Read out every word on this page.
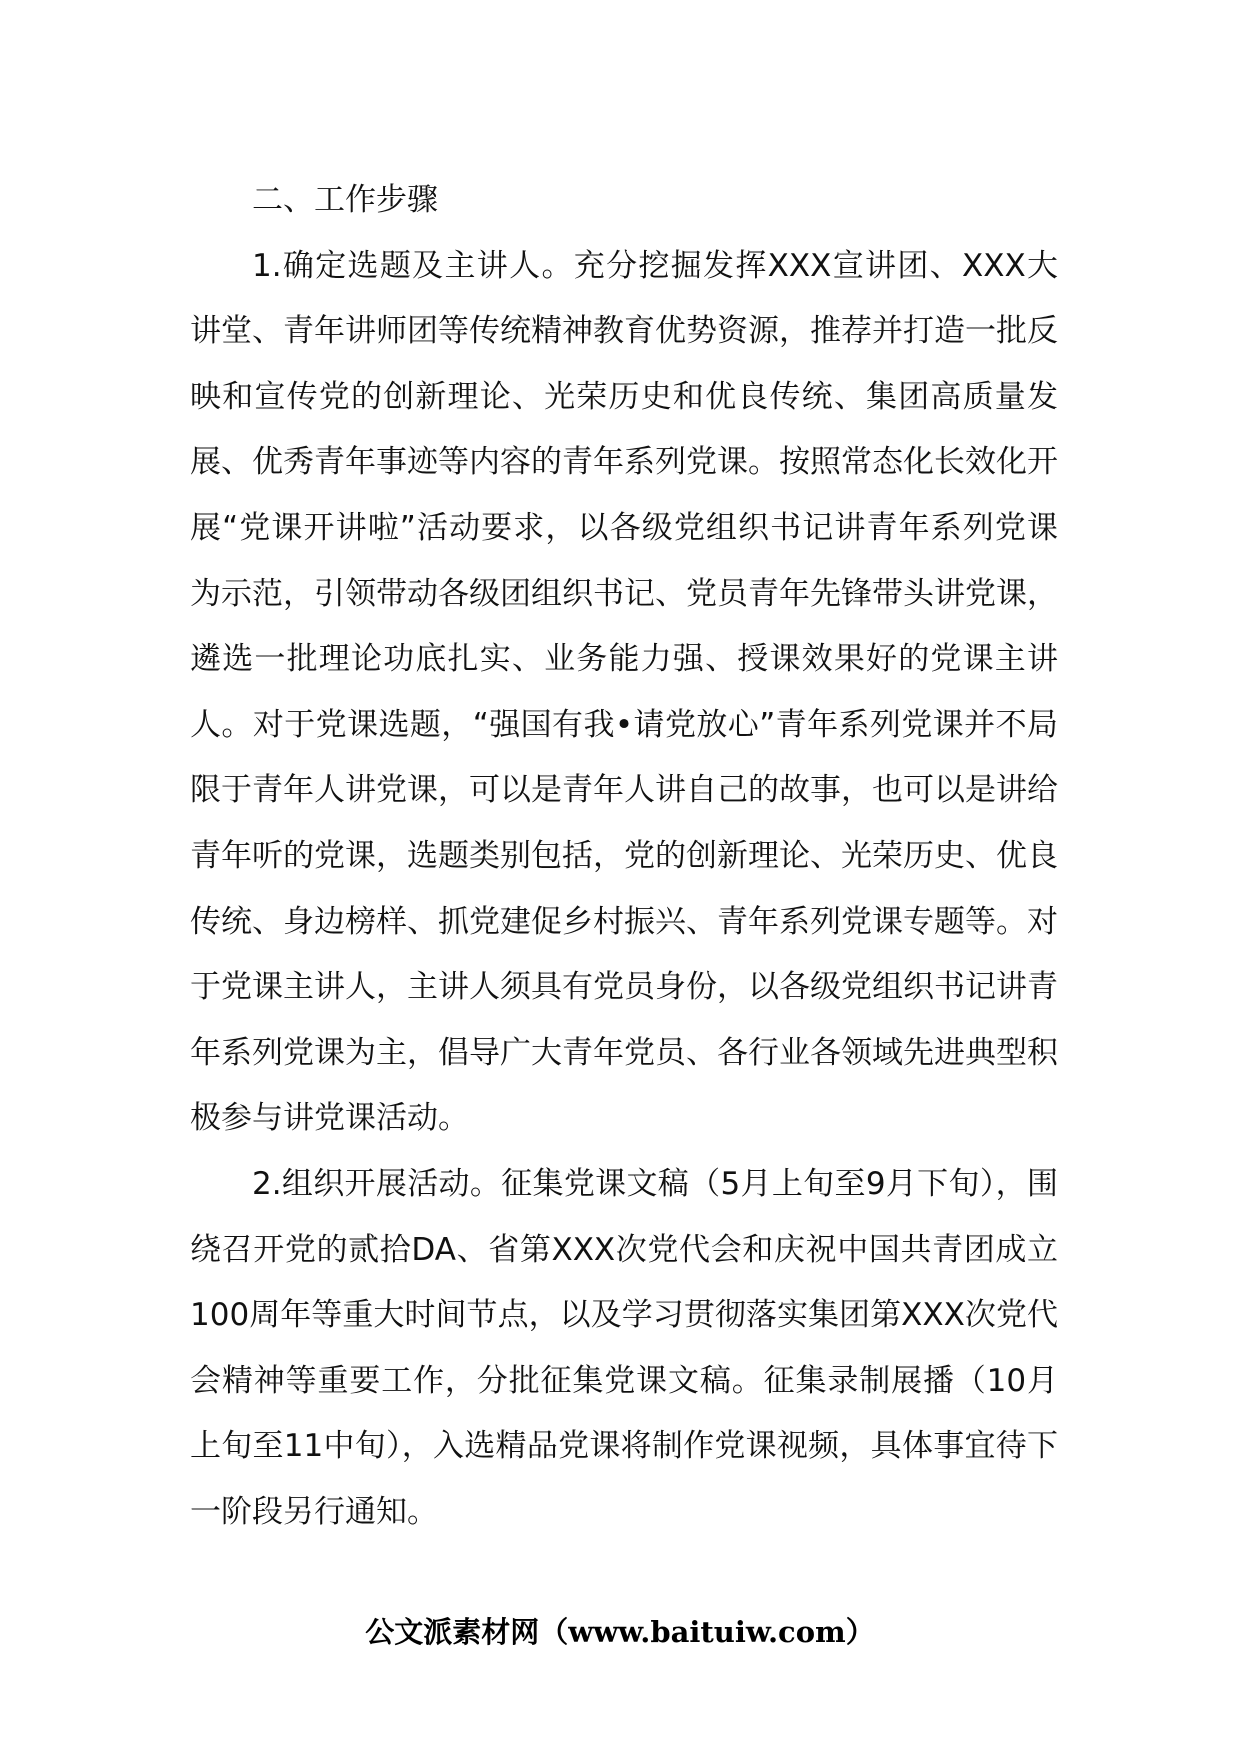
二、工作步骤

1.确定选题及主讲人。充分挖掘发挥XXX宣讲团、XXX大讲堂、青年讲师团等传统精神教育优势资源，推荐并打造一批反映和宣传党的创新理论、光荣历史和优良传统、集团高质量发展、优秀青年事迹等内容的青年系列党课。按照常态化长效化开展“党课开讲啦”活动要求，以各级党组织书记讲青年系列党课为示范，引领带动各级团组织书记、党员青年先锋带头讲党课，遴选一批理论功底扎实、业务能力强、授课效果好的党课主讲人。对于党课选题，“强国有我•请党放心”青年系列党课并不局限于青年人讲党课，可以是青年人讲自己的故事，也可以是讲给青年听的党课，选题类别包括，党的创新理论、光荣历史、优良传统、身边榜样、抓党建促乡村振兴、青年系列党课专题等。对于党课主讲人，主讲人须具有党员身份，以各级党组织书记讲青年系列党课为主，倡导广大青年党员、各行业各领域先进典型积极参与讲党课活动。

2.组织开展活动。征集党课文稿（5月上旬至9月下旬），围绕召开党的贰拾DA、省第XXX次党代会和庆祝中国共青团成立100周年等重大时间节点，以及学习贯彻落实集团第XXX次党代会精神等重要工作，分批征集党课文稿。征集录制展播（10月上旬至11中旬），入选精品党课将制作党课视频，具体事宜待下一阶段另行通知。

公文派素材网（www.baituiw.com）
